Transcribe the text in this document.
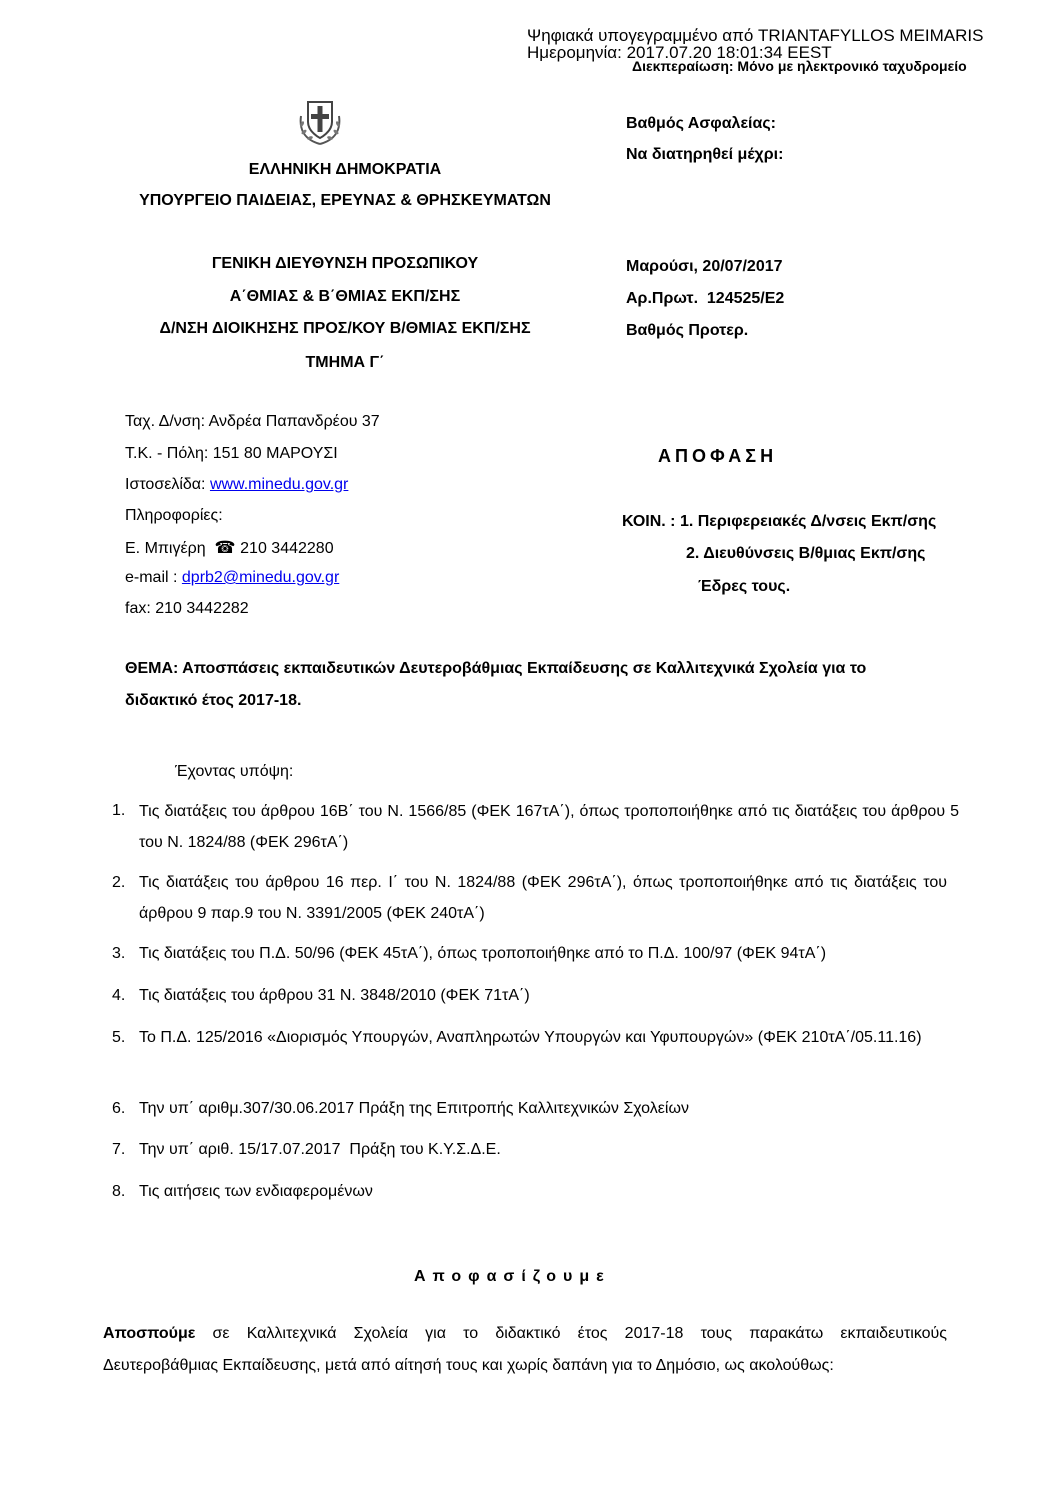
Ψηφιακά υπογεγραμμένο από TRIANTAFYLLOS MEIMARIS
Ημερομηνία: 2017.07.20 18:01:34 EEST
Διεκπεραίωση: Μόνο με ηλεκτρονικό ταχυδρομείο
ΕΛΛΗΝΙΚΗ ΔΗΜΟΚΡΑΤΙΑ
ΥΠΟΥΡΓΕΙΟ ΠΑΙΔΕΙΑΣ, ΕΡΕΥΝΑΣ & ΘΡΗΣΚΕΥΜΑΤΩΝ
ΓΕΝΙΚΗ ΔΙΕΥΘΥΝΣΗ ΠΡΟΣΩΠΙΚΟΥ
Α΄ΘΜΙΑΣ & Β΄ΘΜΙΑΣ ΕΚΠ/ΣΗΣ
Δ/ΝΣΗ ΔΙΟΙΚΗΣΗΣ ΠΡΟΣ/ΚΟΥ Β/ΘΜΙΑΣ ΕΚΠ/ΣΗΣ
ΤΜΗΜΑ Γ΄
Βαθμός Ασφαλείας:
Να διατηρηθεί μέχρι:
Μαρούσι, 20/07/2017
Αρ.Πρωτ. 124525/Ε2
Βαθμός Προτερ.
Ταχ. Δ/νση: Ανδρέα Παπανδρέου 37
Τ.Κ. - Πόλη: 151 80 ΜΑΡΟΥΣΙ
Ιστοσελίδα: www.minedu.gov.gr
Πληροφορίες:
Ε. Μπιγέρη ☎ 210 3442280
e-mail : dprb2@minedu.gov.gr
fax: 210 3442282
ΑΠΟΦΑΣΗ
ΚΟΙΝ. : 1. Περιφερειακές Δ/νσεις Εκπ/σης
2. Διευθύνσεις Β/θμιας Εκπ/σης
Έδρες τους.
ΘΕΜΑ: Αποσπάσεις εκπαιδευτικών Δευτεροβάθμιας Εκπαίδευσης σε Καλλιτεχνικά Σχολεία για το
διδακτικό έτος 2017-18.
Έχοντας υπόψη:
1. Τις διατάξεις του άρθρου 16Β΄ του Ν. 1566/85 (ΦΕΚ 167τΑ΄), όπως τροποποιήθηκε από τις διατάξεις του άρθρου 5 του Ν. 1824/88 (ΦΕΚ 296τΑ΄)
2. Τις διατάξεις του άρθρου 16 περ. Ι΄ του Ν. 1824/88 (ΦΕΚ 296τΑ΄), όπως τροποποιήθηκε από τις διατάξεις του άρθρου 9 παρ.9 του Ν. 3391/2005 (ΦΕΚ 240τΑ΄)
3. Τις διατάξεις του Π.Δ. 50/96 (ΦΕΚ 45τΑ΄), όπως τροποποιήθηκε από το Π.Δ. 100/97 (ΦΕΚ 94τΑ΄)
4. Τις διατάξεις του άρθρου 31 Ν. 3848/2010 (ΦΕΚ 71τΑ΄)
5. Το Π.Δ. 125/2016 «Διορισμός Υπουργών, Αναπληρωτών Υπουργών και Υφυπουργών» (ΦΕΚ 210τΑ΄/05.11.16)
6. Την υπ΄ αριθμ.307/30.06.2017 Πράξη της Επιτροπής Καλλιτεχνικών Σχολείων
7. Την υπ΄ αριθ. 15/17.07.2017  Πράξη του Κ.Υ.Σ.Δ.Ε.
8. Τις αιτήσεις των ενδιαφερομένων
Αποφασίζουμε
Αποσπούμε σε Καλλιτεχνικά Σχολεία για το διδακτικό έτος 2017-18 τους παρακάτω εκπαιδευτικούς
Δευτεροβάθμιας Εκπαίδευσης, μετά από αίτησή τους και χωρίς δαπάνη για το Δημόσιο, ως ακολούθως:
